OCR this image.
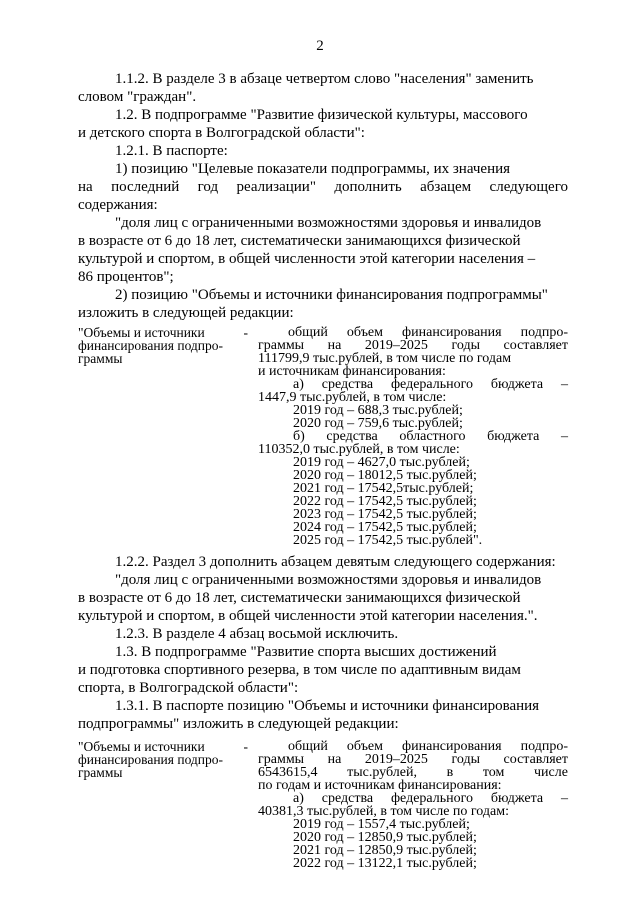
2

1.1.2. В разделе 3 в абзаце четвертом слово "населения" заменить словом "граждан".

1.2. В подпрограмме "Развитие физической культуры, массового

и детского спорта в Волгоградской области":

1.2.1. В паспорте:

1) позицию "Целевые показатели подпрограммы, их значения

на последний год реализации" дополнить абзацем следующего

содержания:

"доля лиц с ограниченными возможностями здоровья и инвалидов

в возрасте от 6 до 18 лет, систематически занимающихся физической

культурой и спортом, в общей численности этой категории населения –

86 процентов";

2) позицию "Объемы и источники финансирования подпрограммы"

изложить в следующей редакции:

"Объемы и источники	-
финансирования подпро-
граммы
общий объем финансирования подпро-
граммы на 2019–2025 годы составляет
111799,9 тыс.рублей, в том числе по годам
и источникам финансирования:
а) средства федерального бюджета –
1447,9 тыс.рублей, в том числе:
2019 год – 688,3 тыс.рублей;
2020 год – 759,6 тыс.рублей;
б) средства областного бюджета –
110352,0 тыс.рублей, в том числе:
2019 год – 4627,0 тыс.рублей;
2020 год – 18012,5 тыс.рублей;
2021 год – 17542,5тыс.рублей;
2022 год – 17542,5 тыс.рублей;
2023 год – 17542,5 тыс.рублей;
2024 год – 17542,5 тыс.рублей;
2025 год – 17542,5 тыс.рублей".

1.2.2. Раздел 3 дополнить абзацем девятым следующего содержания:

"доля лиц с ограниченными возможностями здоровья и инвалидов

в возрасте от 6 до 18 лет, систематически занимающихся физической

культурой и спортом, в общей численности этой категории населения.".

1.2.3. В разделе 4 абзац восьмой исключить.

1.3. В подпрограмме "Развитие спорта высших достижений

и подготовка спортивного резерва, в том числе по адаптивным видам

спорта, в Волгоградской области":

1.3.1. В паспорте позицию "Объемы и источники финансирования

подпрограммы" изложить в следующей редакции:

"Объемы и источники	-
финансирования подпро-
граммы
общий объем финансирования подпро-
граммы на 2019–2025 годы составляет
6543615,4 тыс.рублей, в том числе
по годам и источникам финансирования:
а) средства федерального бюджета –
40381,3 тыс.рублей, в том числе по годам:
2019 год – 1557,4 тыс.рублей;
2020 год – 12850,9 тыс.рублей;
2021 год – 12850,9 тыс.рублей;
2022 год – 13122,1 тыс.рублей;
